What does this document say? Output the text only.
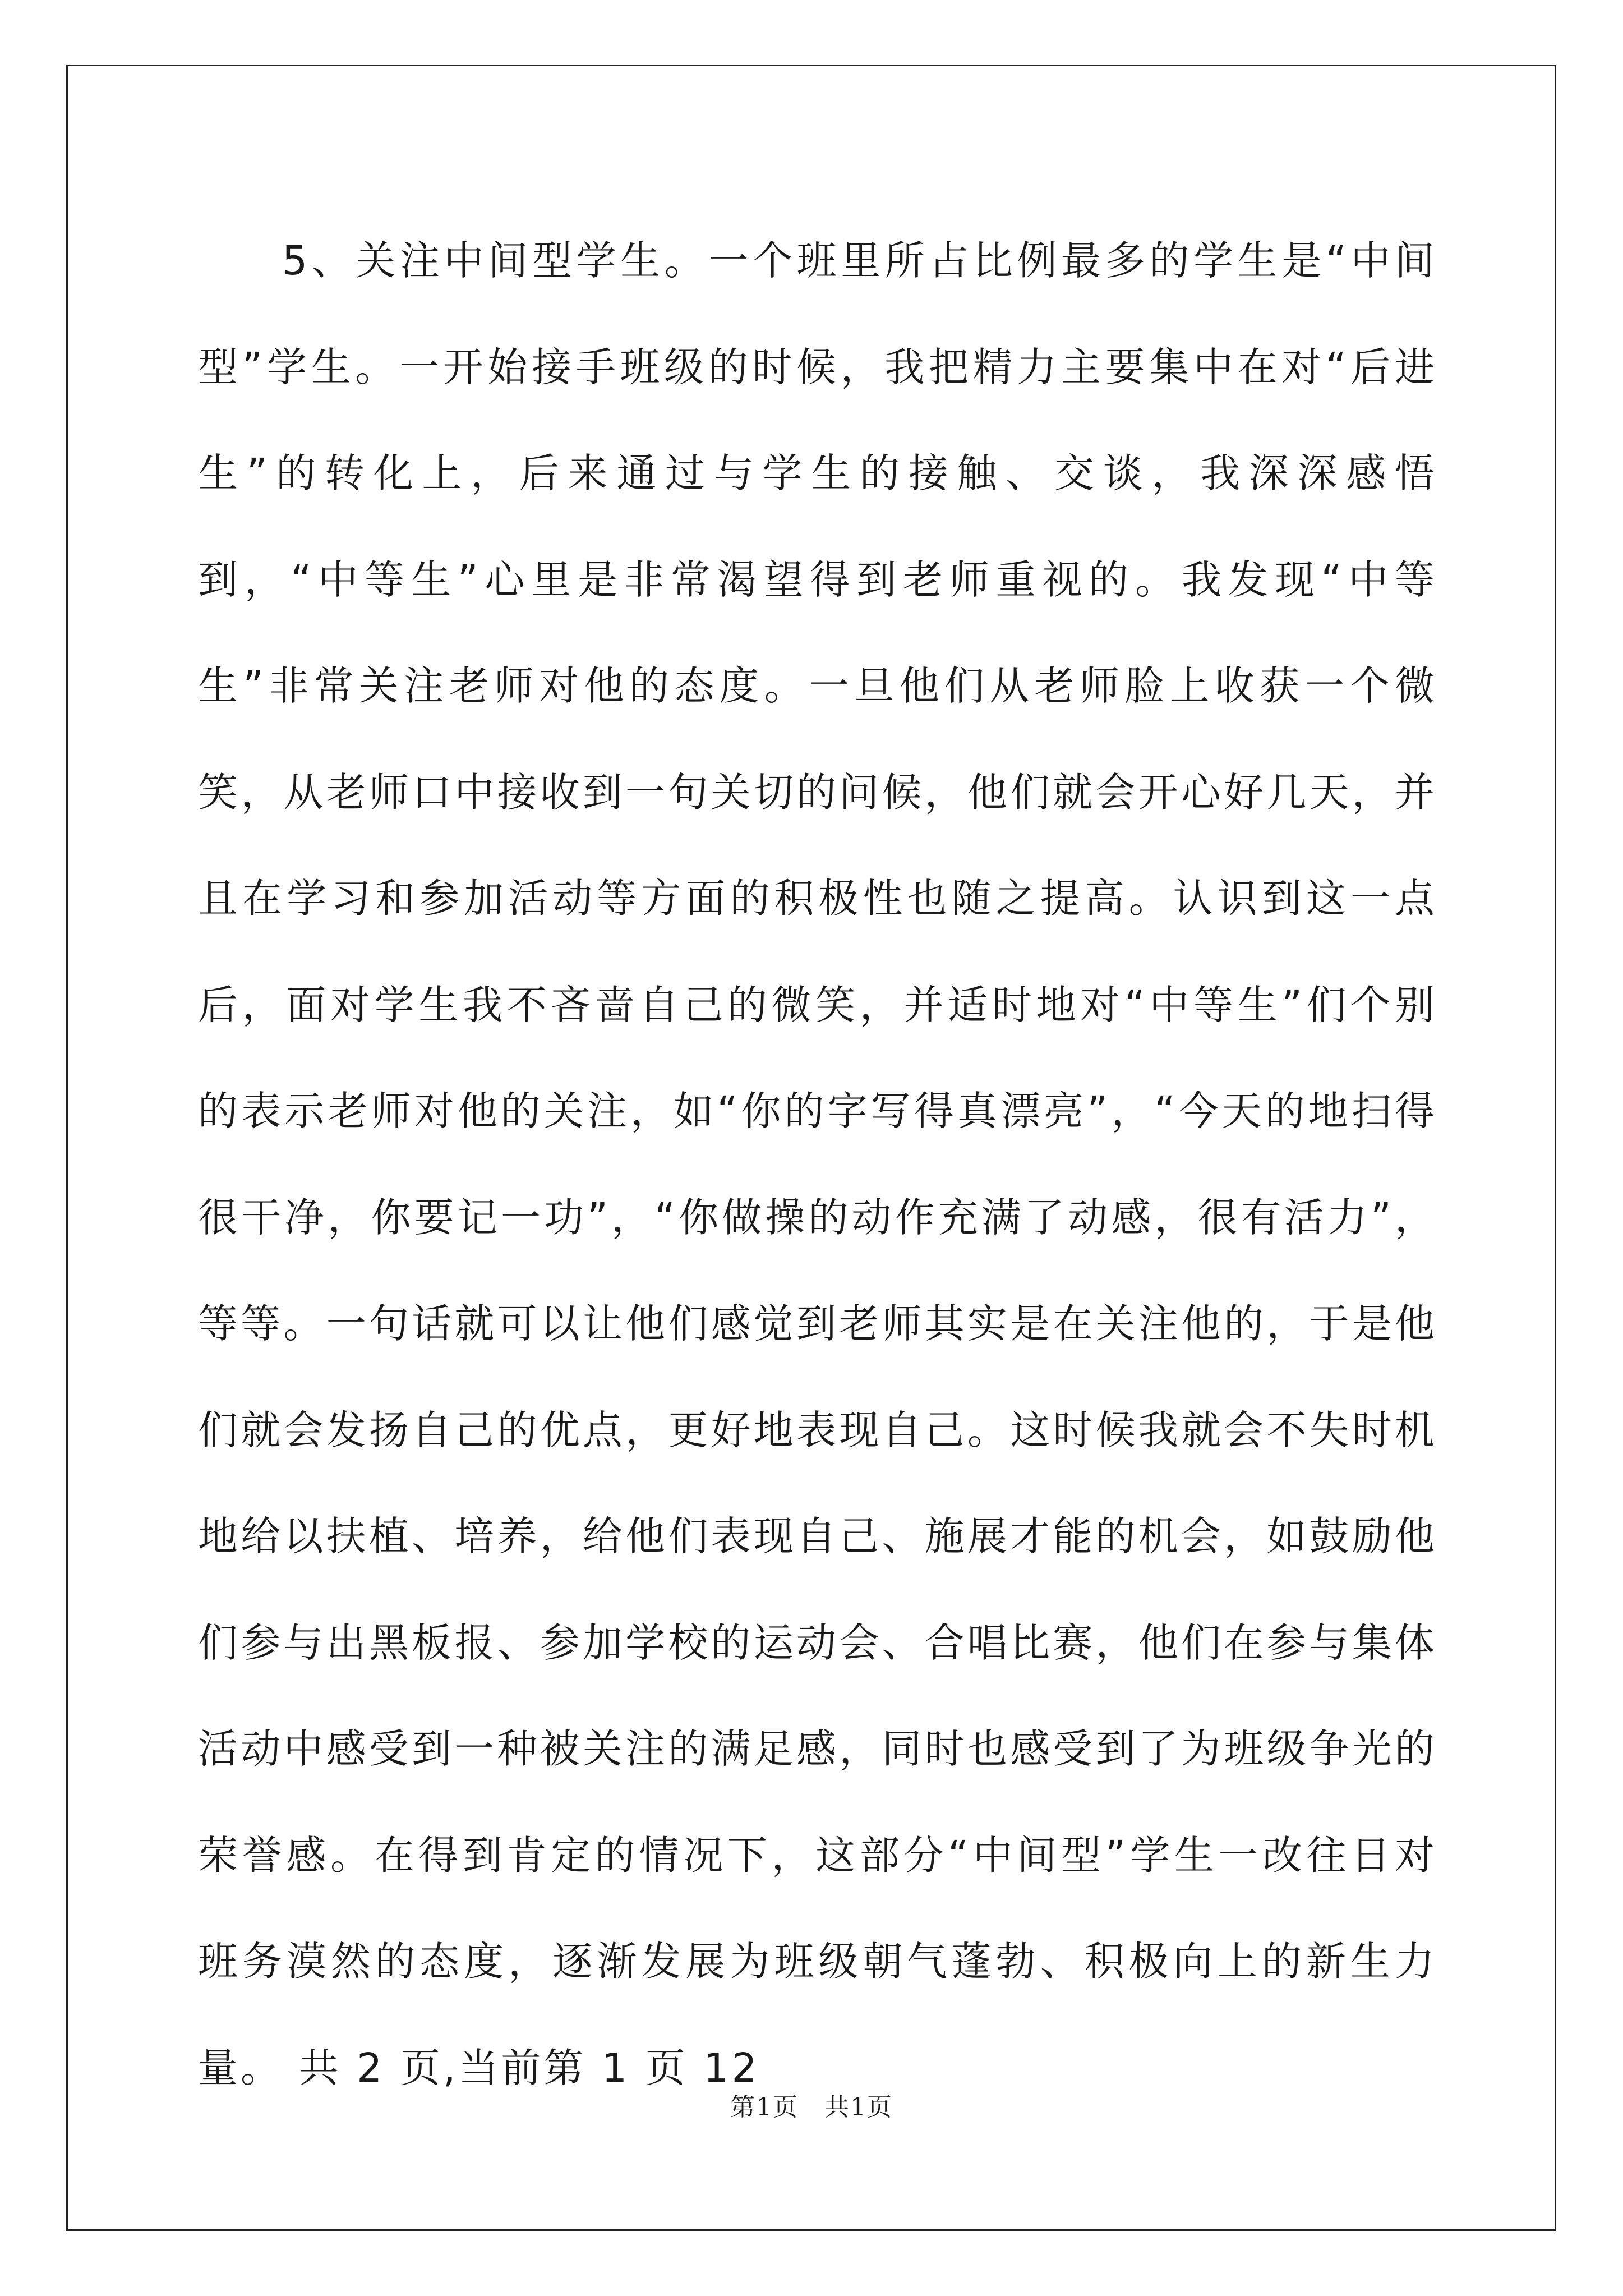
5、关注中间型学生。一个班里所占比例最多的学生是“中间型”学生。一开始接手班级的时候，我把精力主要集中在对“后进生”的转化上，后来通过与学生的接触、交谈，我深深感悟到，“中等生”心里是非常渴望得到老师重视的。我发现“中等生”非常关注老师对他的态度。一旦他们从老师脸上收获一个微笑，从老师口中接收到一句关切的问候，他们就会开心好几天，并且在学习和参加活动等方面的积极性也随之提高。认识到这一点后，面对学生我不吝啬自己的微笑，并适时地对“中等生”们个别的表示老师对他的关注，如“你的字写得真漂亮”，“今天的地扫得很干净，你要记一功”，“你做操的动作充满了动感，很有活力”，等等。一句话就可以让他们感觉到老师其实是在关注他的，于是他们就会发扬自己的优点，更好地表现自己。这时候我就会不失时机地给以扶植、培养，给他们表现自己、施展才能的机会，如鼓励他们参与出黑板报、参加学校的运动会、合唱比赛，他们在参与集体活动中感受到一种被关注的满足感，同时也感受到了为班级争光的荣誉感。在得到肯定的情况下，这部分“中间型”学生一改往日对班务漠然的态度，逐渐发展为班级朝气蓬勃、积极向上的新生力量。 共 2 页,当前第 1 页 12

第1页　共1页
